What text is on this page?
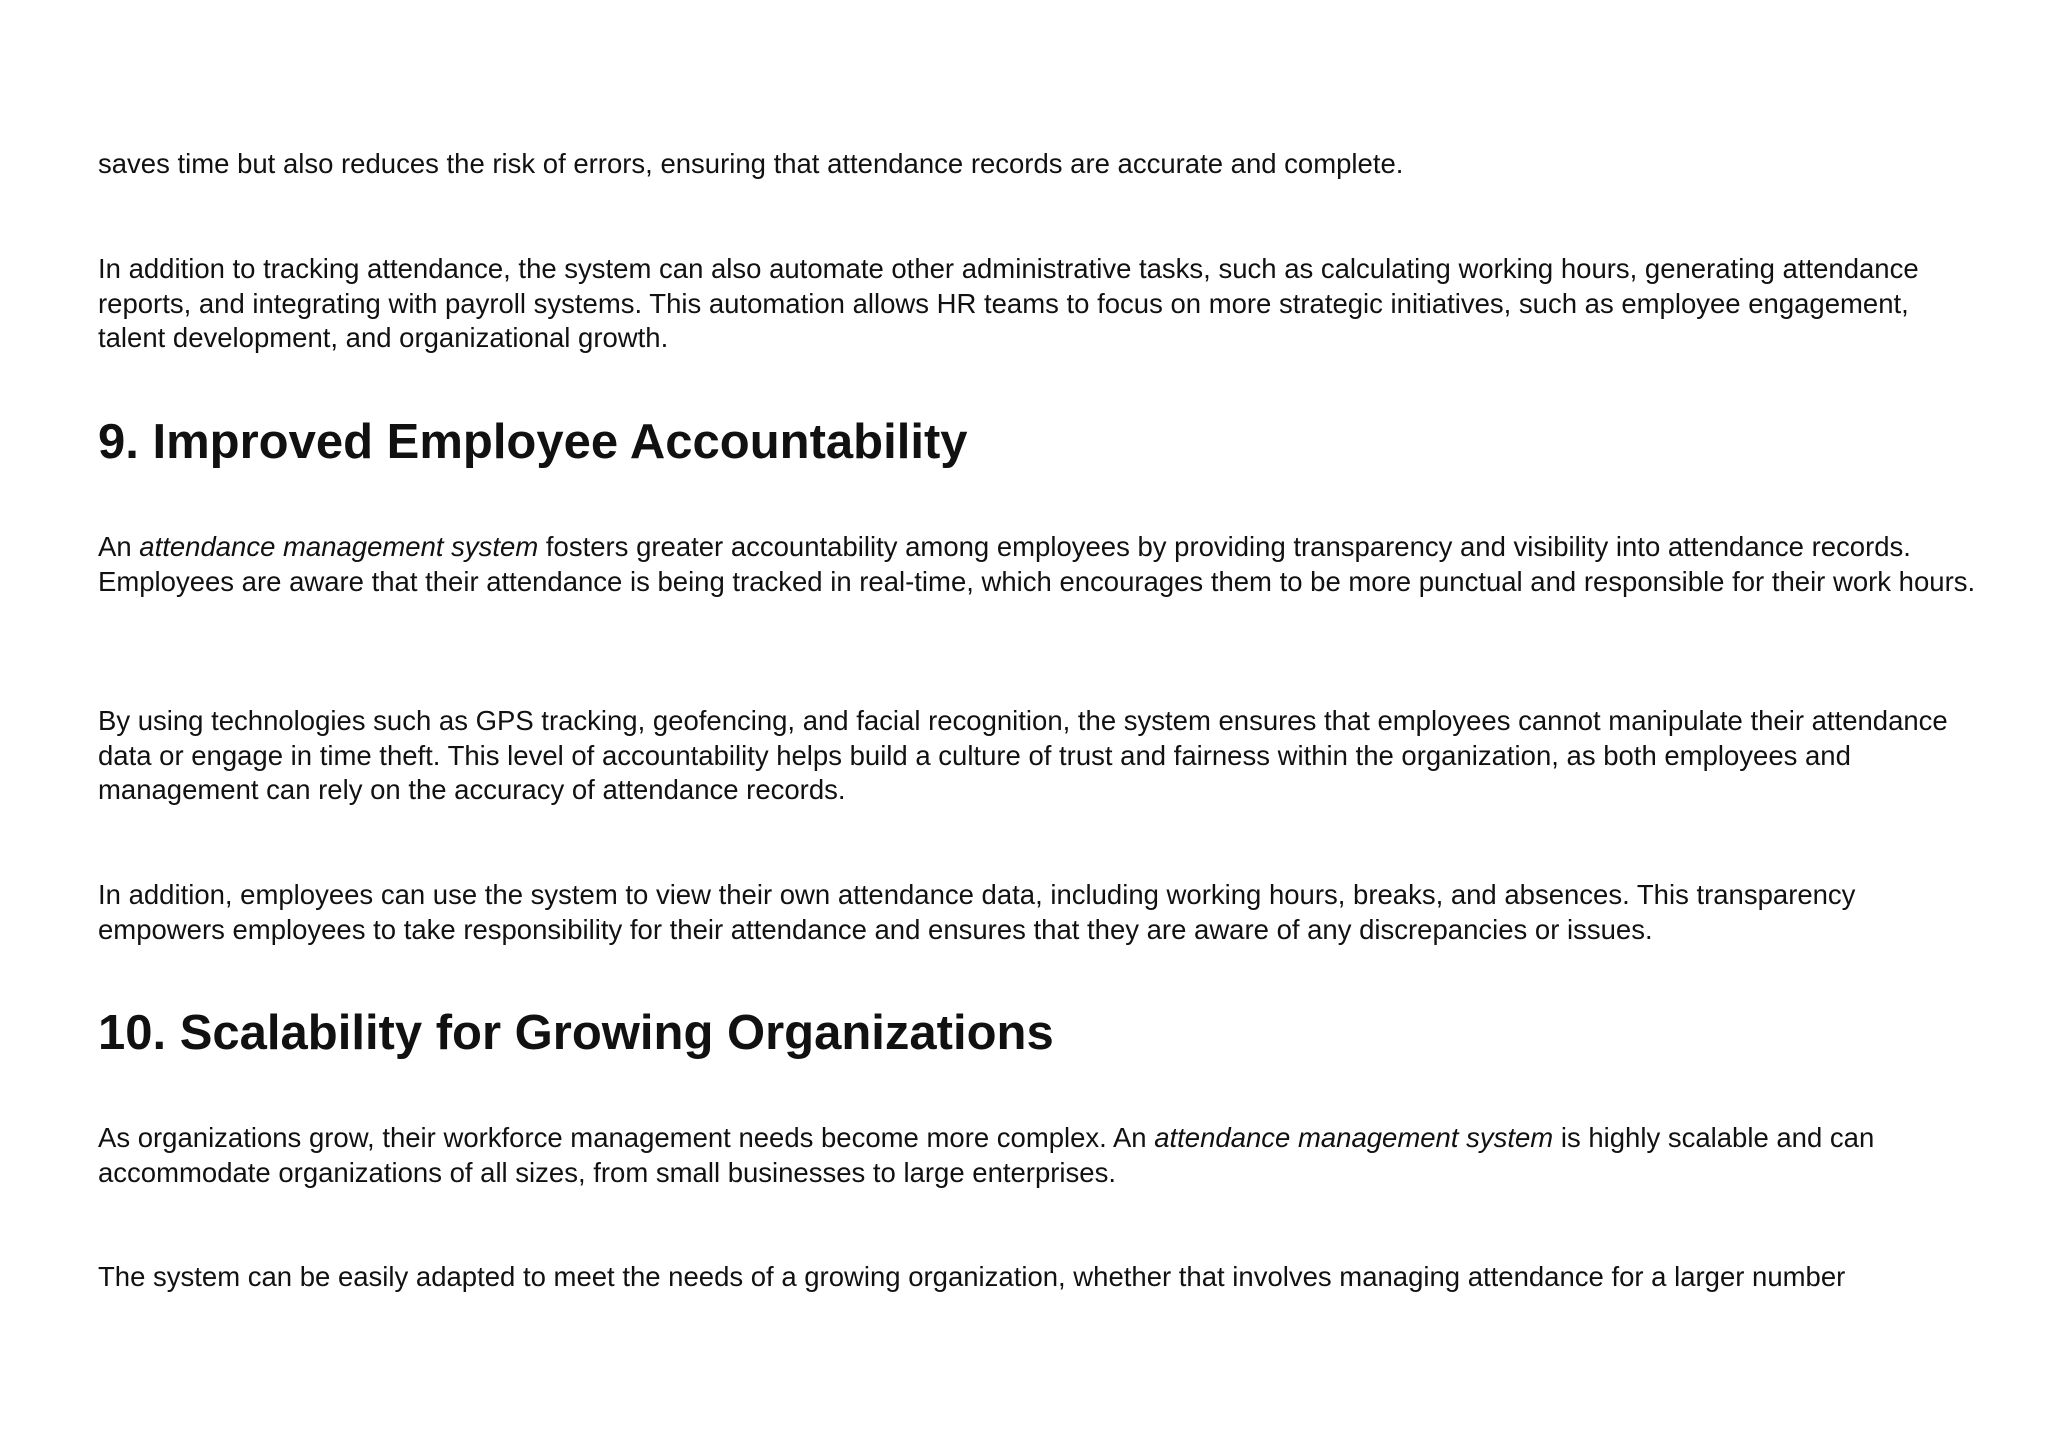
saves time but also reduces the risk of errors, ensuring that attendance records are accurate and complete.

In addition to tracking attendance, the system can also automate other administrative tasks, such as calculating working hours, generating attendance reports, and integrating with payroll systems. This automation allows HR teams to focus on more strategic initiatives, such as employee engagement, talent development, and organizational growth.

9. Improved Employee Accountability

An attendance management system fosters greater accountability among employees by providing transparency and visibility into attendance records. Employees are aware that their attendance is being tracked in real-time, which encourages them to be more punctual and responsible for their work hours.

By using technologies such as GPS tracking, geofencing, and facial recognition, the system ensures that employees cannot manipulate their attendance data or engage in time theft. This level of accountability helps build a culture of trust and fairness within the organization, as both employees and management can rely on the accuracy of attendance records.

In addition, employees can use the system to view their own attendance data, including working hours, breaks, and absences. This transparency empowers employees to take responsibility for their attendance and ensures that they are aware of any discrepancies or issues.

10. Scalability for Growing Organizations

As organizations grow, their workforce management needs become more complex. An attendance management system is highly scalable and can accommodate organizations of all sizes, from small businesses to large enterprises.

The system can be easily adapted to meet the needs of a growing organization, whether that involves managing attendance for a larger number
